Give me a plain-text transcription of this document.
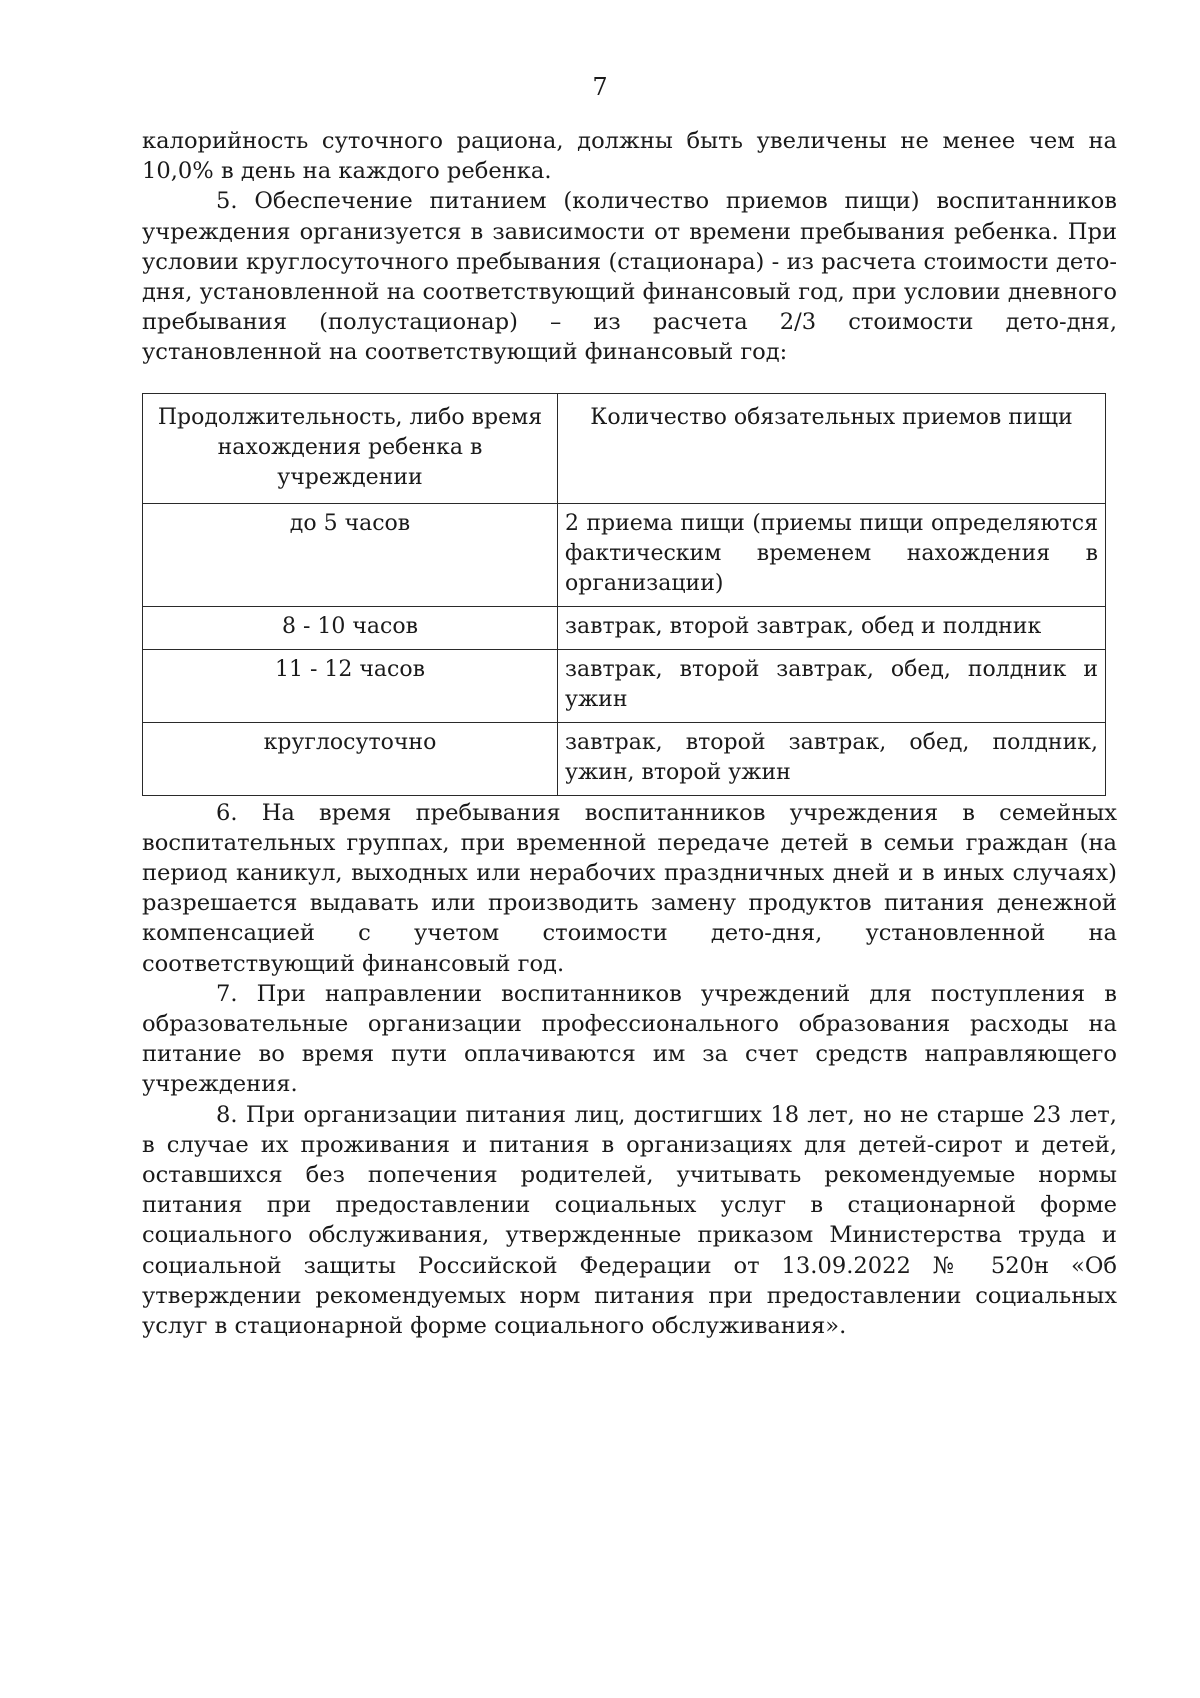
7

калорийность суточного рациона, должны быть увеличены не менее чем на 10,0% в день на каждого ребенка.

5. Обеспечение питанием (количество приемов пищи) воспитанников учреждения организуется в зависимости от времени пребывания ребенка. При условии круглосуточного пребывания (стационара) - из расчета стоимости дето-дня, установленной на соответствующий финансовый год, при условии дневного пребывания (полустационар) – из расчета 2/3 стоимости дето-дня, установленной на соответствующий финансовый год:

Продолжительность, либо время нахождения ребенка в учреждении	Количество обязательных приемов пищи
до 5 часов	2 приема пищи (приемы пищи определяются фактическим временем нахождения в организации)
8 - 10 часов	завтрак, второй завтрак, обед и полдник
11 - 12 часов	завтрак, второй завтрак, обед, полдник и ужин
круглосуточно	завтрак, второй завтрак, обед, полдник, ужин, второй ужин

6. На время пребывания воспитанников учреждения в семейных воспитательных группах, при временной передаче детей в семьи граждан (на период каникул, выходных или нерабочих праздничных дней и в иных случаях) разрешается выдавать или производить замену продуктов питания денежной компенсацией с учетом стоимости дето-дня, установленной на соответствующий финансовый год.

7. При направлении воспитанников учреждений для поступления в образовательные организации профессионального образования расходы на питание во время пути оплачиваются им за счет средств направляющего учреждения.

8. При организации питания лиц, достигших 18 лет, но не старше 23 лет, в случае их проживания и питания в организациях для детей-сирот и детей, оставшихся без попечения родителей, учитывать рекомендуемые нормы питания при предоставлении социальных услуг в стационарной форме социального обслуживания, утвержденные приказом Министерства труда и социальной защиты Российской Федерации от 13.09.2022 № 520н «Об утверждении рекомендуемых норм питания при предоставлении социальных услуг в стационарной форме социального обслуживания».
